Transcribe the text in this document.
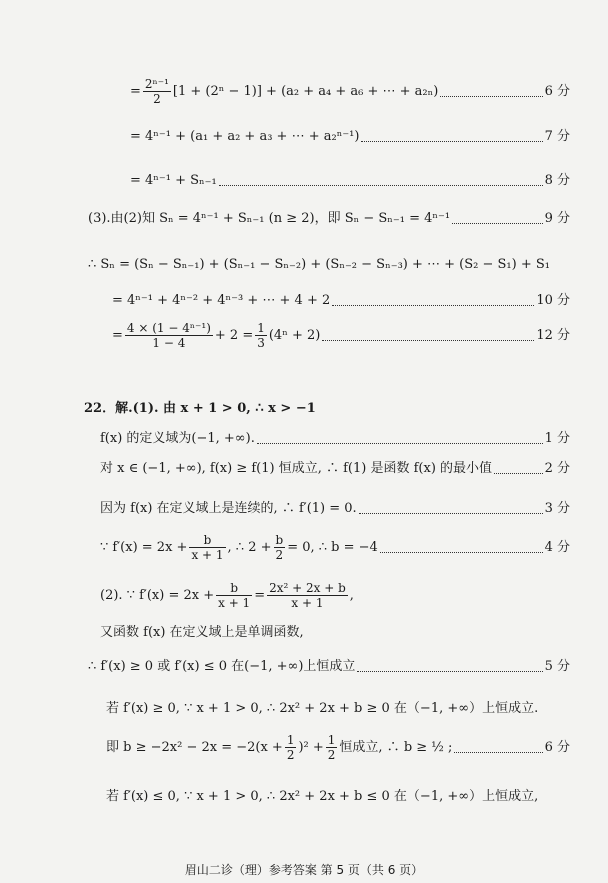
= $\frac{\text{2ⁿ⁻¹}}{2} [1 + (2^n - 1)] + (a_2 + a_4 + a_6$ + ⋯ + a₂ₙ)	6 分
= 4ⁿ⁻¹ + (a₁ + a₂ + a₃ + ⋯ + a₂ⁿ⁻¹)	7 分
= 4ⁿ⁻¹ + Sₙ₋₁	8 分
(3).由(2)知 Sₙ = 4ⁿ⁻¹ + Sₙ₋₁ (n ≥ 2)，即 Sₙ − Sₙ₋₁ = 4ⁿ⁻¹	9 分
∴ Sₙ = (Sₙ − Sₙ₋₁) + (Sₙ₋₁ − Sₙ₋₂) + (Sₙ₋₂ − Sₙ₋₃) + ⋯ + (S₂ − S₁) + S₁
= 4ⁿ⁻¹ + 4ⁿ⁻² + 4ⁿ⁻³ + ⋯ + 4 + 2	10 分
= $\frac{\text{4 × (1 − 4ⁿ⁻¹)}}{1 - 4} + 2 = \frac{1}{3} (4^n + 2)$	12 分
22．解.(1). 由 x + 1 > 0, ∴ x > −1
f(x) 的定义域为(−1, +∞).	1 分
对 x ∈ (−1, +∞), f(x) ≥ f(1) 恒成立, ∴ f(1) 是函数 f(x) 的最小值	2 分
因为 f(x) 在定义域上是连续的, ∴ f′(1) = 0.	3 分
∵ $f'(x) = 2x + \frac{b}{x + 1}$ , ∴ $2 + \frac{b}{2} = 0$, ∴ b = −4	4 分
(2). ∵ $f'(x) = 2x + \frac{b}{x + 1} = \frac{\text{2x² + 2x + b}}{x + 1}$ ,
又函数 f(x) 在定义域上是单调函数,
∴ f′(x) ≥ 0 或 f′(x) ≤ 0 在(−1, +∞)上恒成立	5 分
若 f′(x) ≥ 0, ∵ x + 1 > 0, ∴ 2x² + 2x + b ≥ 0 在（−1, +∞）上恒成立.
即 $b \ge -2x^2 - 2x = -2(x + \frac{1}{2} )^2 + \frac{1}{2}$ 恒成立, ∴ b ≥ ½ ;	6 分
若 f′(x) ≤ 0, ∵ x + 1 > 0, ∴ 2x² + 2x + b ≤ 0 在（−1, +∞）上恒成立,
眉山二诊（理）参考答案 第 5 页（共 6 页）
